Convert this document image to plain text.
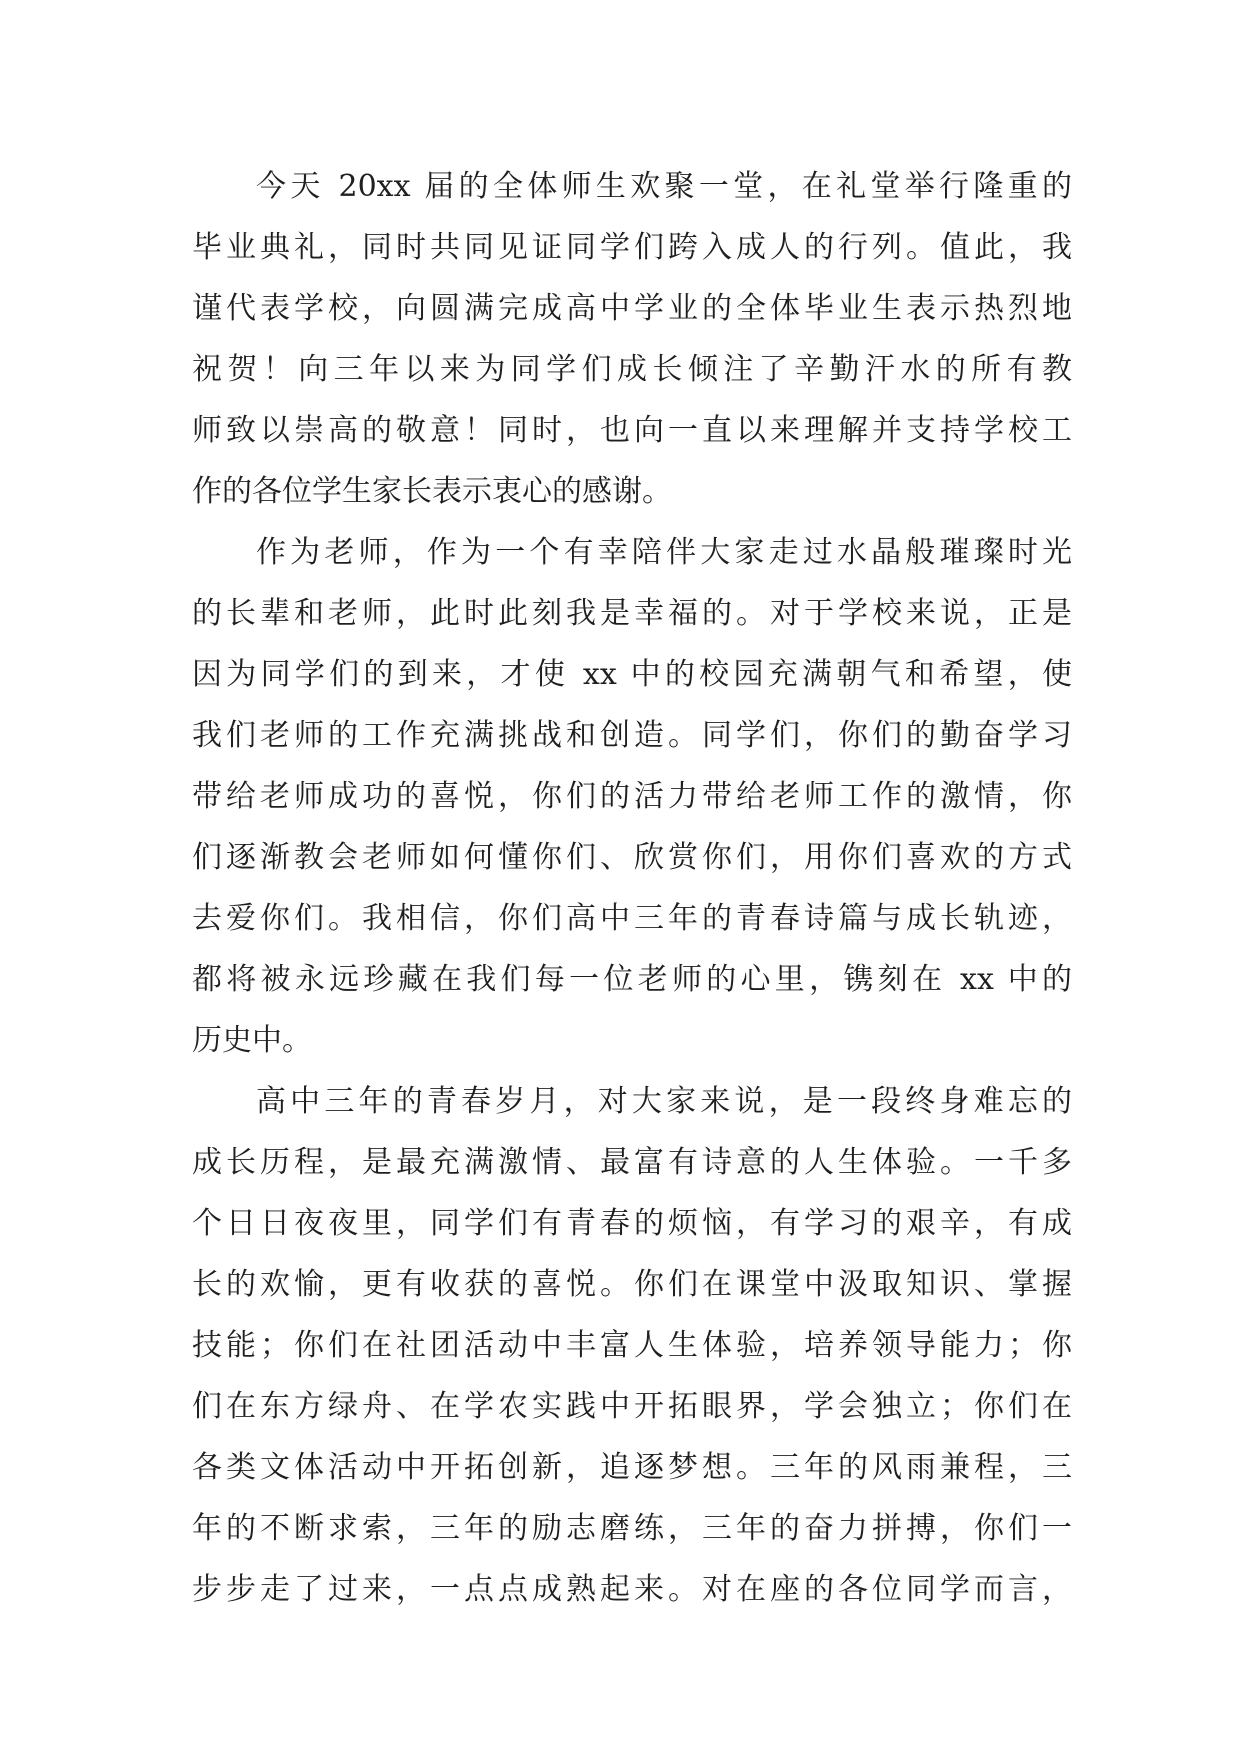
今天 20xx 届的全体师生欢聚一堂，在礼堂举行隆重的
毕业典礼，同时共同见证同学们跨入成人的行列。值此，我
谨代表学校，向圆满完成高中学业的全体毕业生表示热烈地
祝贺！向三年以来为同学们成长倾注了辛勤汗水的所有教
师致以崇高的敬意！同时，也向一直以来理解并支持学校工
作的各位学生家长表示衷心的感谢。
作为老师，作为一个有幸陪伴大家走过水晶般璀璨时光
的长辈和老师，此时此刻我是幸福的。对于学校来说，正是
因为同学们的到来，才使 xx 中的校园充满朝气和希望，使
我们老师的工作充满挑战和创造。同学们，你们的勤奋学习
带给老师成功的喜悦，你们的活力带给老师工作的激情，你
们逐渐教会老师如何懂你们、欣赏你们，用你们喜欢的方式
去爱你们。我相信，你们高中三年的青春诗篇与成长轨迹，
都将被永远珍藏在我们每一位老师的心里，镌刻在 xx 中的
历史中。
高中三年的青春岁月，对大家来说，是一段终身难忘的
成长历程，是最充满激情、最富有诗意的人生体验。一千多
个日日夜夜里，同学们有青春的烦恼，有学习的艰辛，有成
长的欢愉，更有收获的喜悦。你们在课堂中汲取知识、掌握
技能；你们在社团活动中丰富人生体验，培养领导能力；你
们在东方绿舟、在学农实践中开拓眼界，学会独立；你们在
各类文体活动中开拓创新，追逐梦想。三年的风雨兼程，三
年的不断求索，三年的励志磨练，三年的奋力拼搏，你们一
步步走了过来，一点点成熟起来。对在座的各位同学而言，
